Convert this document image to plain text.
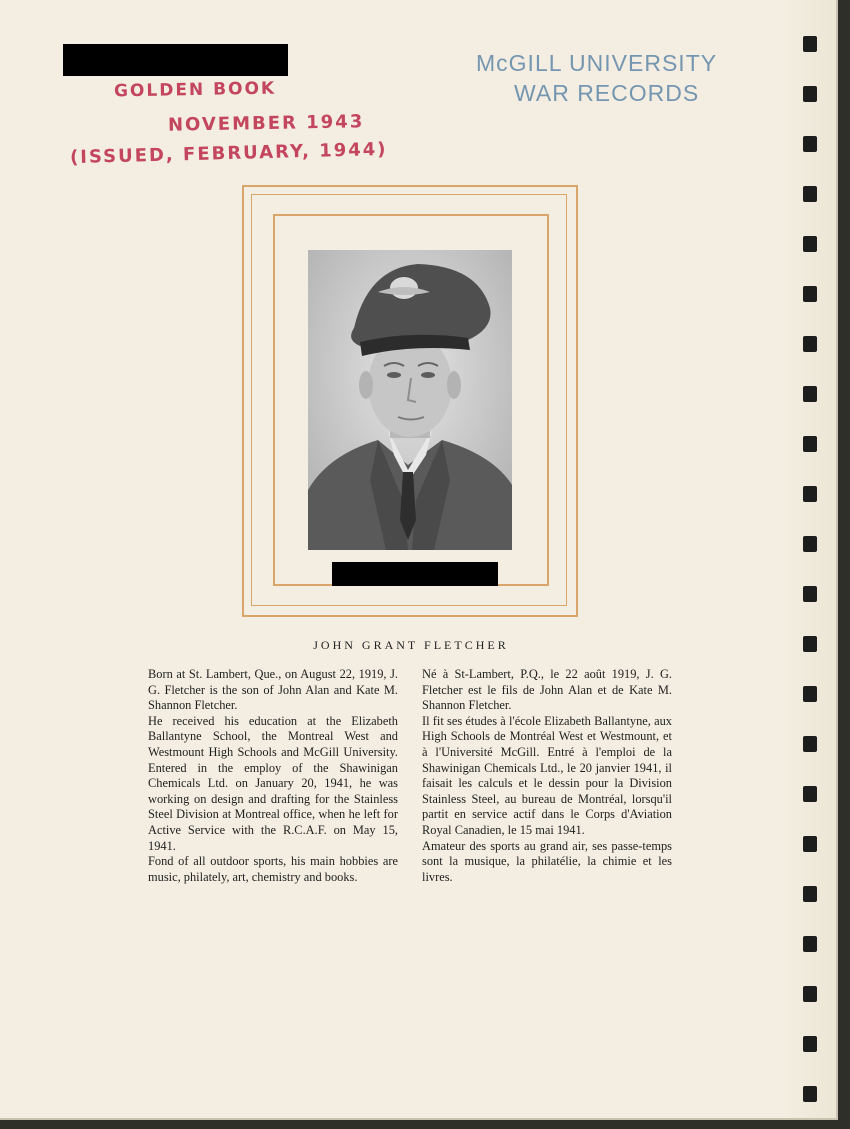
GOLDEN BOOK
NOVEMBER 1943
(ISSUED, FEBRUARY, 1944)
McGILL UNIVERSITY
WAR RECORDS
JOHN GRANT FLETCHER

Born at St. Lambert, Que., on August 22, 1919, J. G. Fletcher is the son of John Alan and Kate M. Shannon Fletcher.

He received his education at the Elizabeth Ballantyne School, the Montreal West and Westmount High Schools and McGill University. Entered in the employ of the Shawinigan Chemicals Ltd. on January 20, 1941, he was working on design and drafting for the Stainless Steel Division at Montreal office, when he left for Active Service with the R.C.A.F. on May 15, 1941.

Fond of all outdoor sports, his main hobbies are music, philately, art, chemistry and books.

Né à St-Lambert, P.Q., le 22 août 1919, J. G. Fletcher est le fils de John Alan et de Kate M. Shannon Fletcher.

Il fit ses études à l'école Elizabeth Ballantyne, aux High Schools de Montréal West et Westmount, et à l'Université McGill. Entré à l'emploi de la Shawinigan Chemicals Ltd., le 20 janvier 1941, il faisait les calculs et le dessin pour la Division Stainless Steel, au bureau de Montréal, lorsqu'il partit en service actif dans le Corps d'Aviation Royal Canadien, le 15 mai 1941.

Amateur des sports au grand air, ses passe-temps sont la musique, la philatélie, la chimie et les livres.
